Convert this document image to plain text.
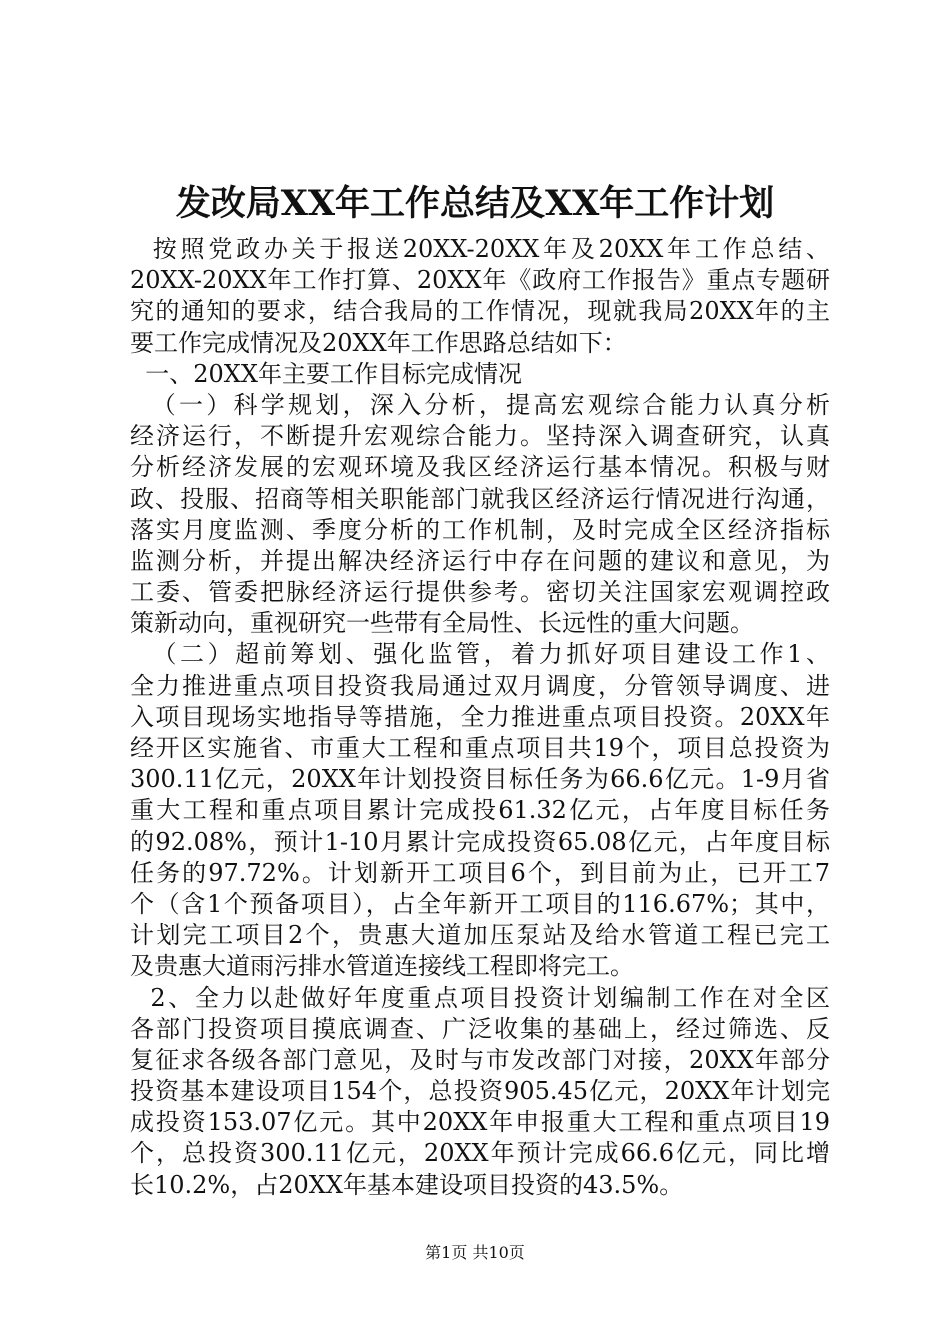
发改局XX年工作总结及XX年工作计划
按照党政办关于报送20XX-20XX年及20XX年工作总结、
20XX-20XX年工作打算、20XX年《政府工作报告》重点专题研
究的通知的要求，结合我局的工作情况，现就我局20XX年的主
要工作完成情况及20XX年工作思路总结如下：
一、20XX年主要工作目标完成情况
（一）科学规划，深入分析，提高宏观综合能力认真分析
经济运行，不断提升宏观综合能力。坚持深入调查研究，认真
分析经济发展的宏观环境及我区经济运行基本情况。积极与财
政、投服、招商等相关职能部门就我区经济运行情况进行沟通，
落实月度监测、季度分析的工作机制，及时完成全区经济指标
监测分析，并提出解决经济运行中存在问题的建议和意见，为
工委、管委把脉经济运行提供参考。密切关注国家宏观调控政
策新动向，重视研究一些带有全局性、长远性的重大问题。
（二）超前筹划、强化监管，着力抓好项目建设工作1、
全力推进重点项目投资我局通过双月调度，分管领导调度、进
入项目现场实地指导等措施，全力推进重点项目投资。20XX年
经开区实施省、市重大工程和重点项目共19个，项目总投资为
300.11亿元，20XX年计划投资目标任务为66.6亿元。1-9月省
重大工程和重点项目累计完成投61.32亿元，占年度目标任务
的92.08%，预计1-10月累计完成投资65.08亿元，占年度目标
任务的97.72%。计划新开工项目6个，到目前为止，已开工7
个（含1个预备项目），占全年新开工项目的116.67%；其中，
计划完工项目2个，贵惠大道加压泵站及给水管道工程已完工
及贵惠大道雨污排水管道连接线工程即将完工。
2、全力以赴做好年度重点项目投资计划编制工作在对全区
各部门投资项目摸底调查、广泛收集的基础上，经过筛选、反
复征求各级各部门意见，及时与市发改部门对接，20XX年部分
投资基本建设项目154个，总投资905.45亿元，20XX年计划完
成投资153.07亿元。其中20XX年申报重大工程和重点项目19
个，总投资300.11亿元，20XX年预计完成66.6亿元，同比增
长10.2%，占20XX年基本建设项目投资的43.5%。
第1页 共10页
